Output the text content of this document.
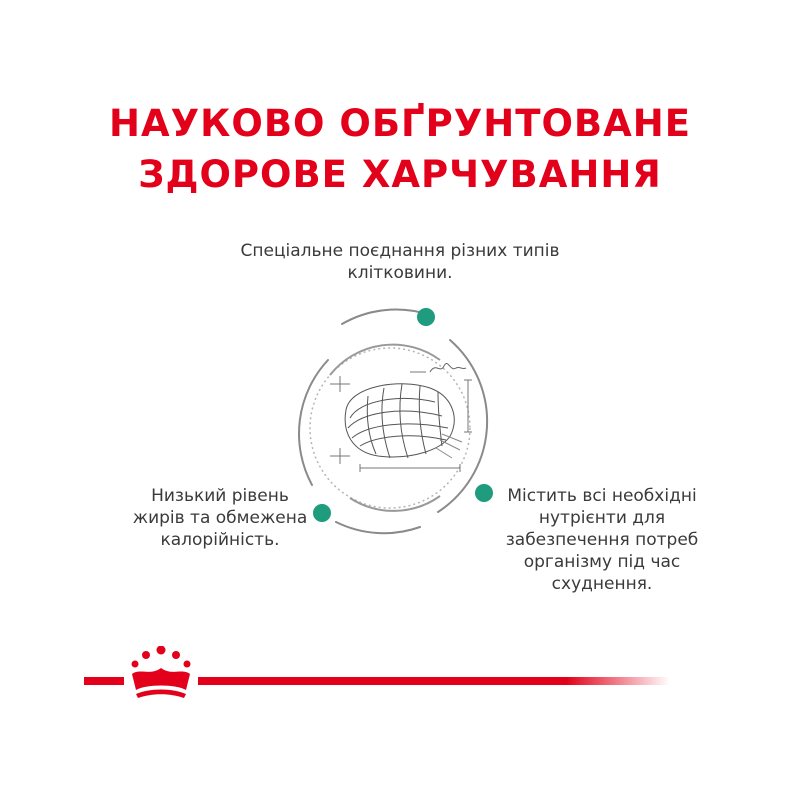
НАУКОВО ОБҐРУНТОВАНЕ
ЗДОРОВЕ ХАРЧУВАННЯ
Спеціальне поєднання різних типів
клітковини.
Низький рівень
жирів та обмежена
калорійність.
Містить всі необхідні
нутрієнти для
забезпечення потреб
організму під час
схуднення.
